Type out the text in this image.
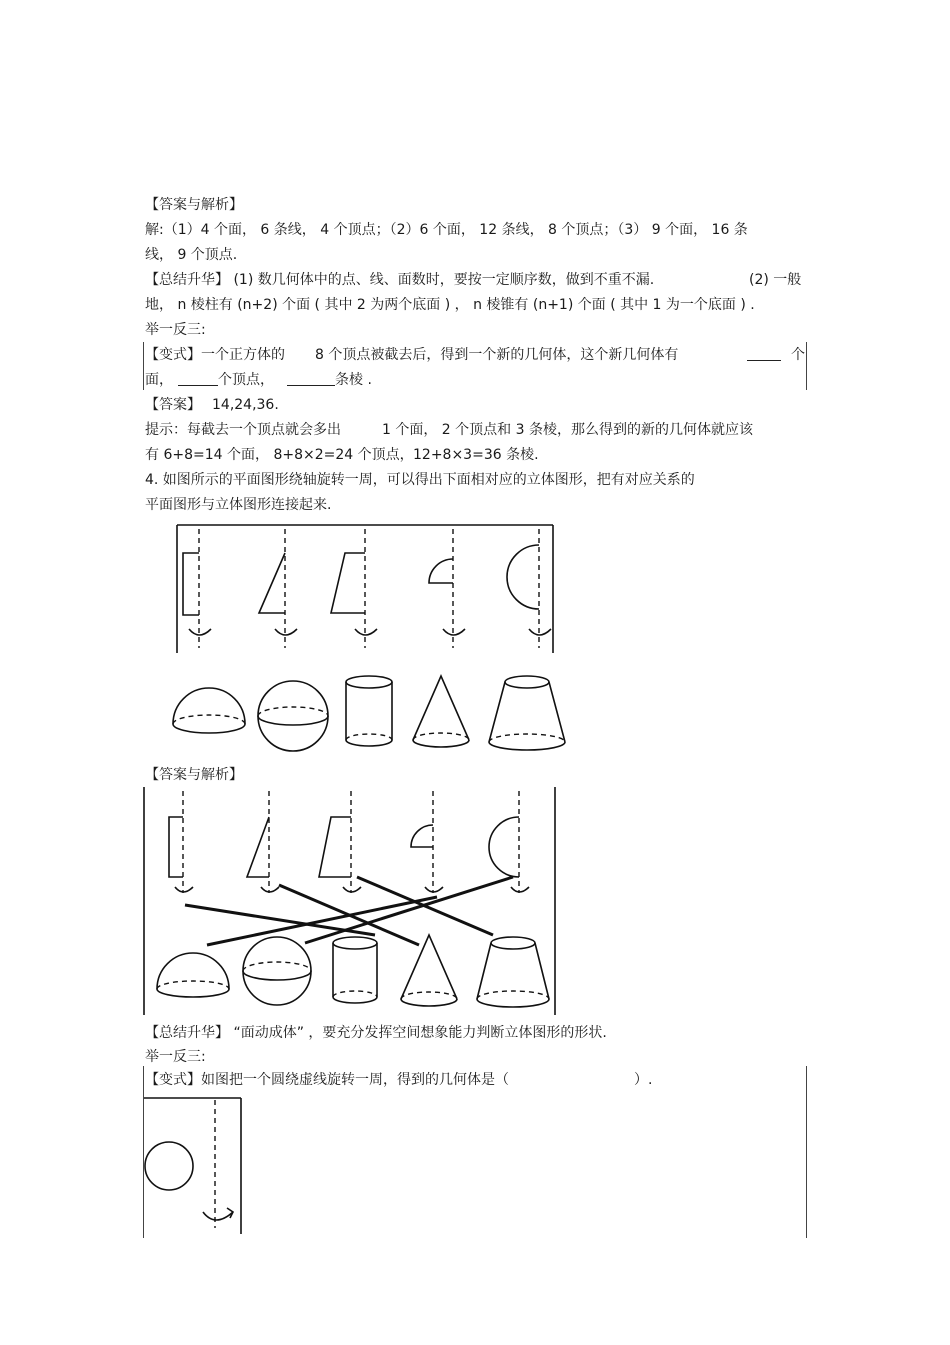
【答案与解析】
解:（1）4 个面， 6 条线， 4 个顶点；（2）6 个面， 12 条线， 8 个顶点；（3） 9 个面， 16 条
线， 9 个顶点.
【总结升华】 (1) 数几何体中的点、线、面数时，要按一定顺序数，做到不重不漏.	(2) 一般
地， n 棱柱有 (n+2) 个面 ( 其中 2 为两个底面 ) ， n 棱锥有 (n+1) 个面 ( 其中 1 为一个底面 ) .
举一反三:
【变式】一个正方体的 8 个顶点被截去后，得到一个新的几何体，这个新几何体有	个
面，	个顶点，	条棱 .
【答案】 14,24,36.
提示：每截去一个顶点就会多出	1 个面， 2 个顶点和 3 条棱，那么得到的新的几何体就应该
有 6+8=14 个面， 8+8×2=24 个顶点， 12+8×3=36 条棱.
4. 如图所示的平面图形绕轴旋转一周，可以得出下面相对应的立体图形，把有对应关系的
平面图形与立体图形连接起来.
【答案与解析】
【总结升华】 “面动成体” ，要充分发挥空间想象能力判断立体图形的形状.
举一反三:
【变式】如图把一个圆绕虚线旋转一周，得到的几何体是（	）.
